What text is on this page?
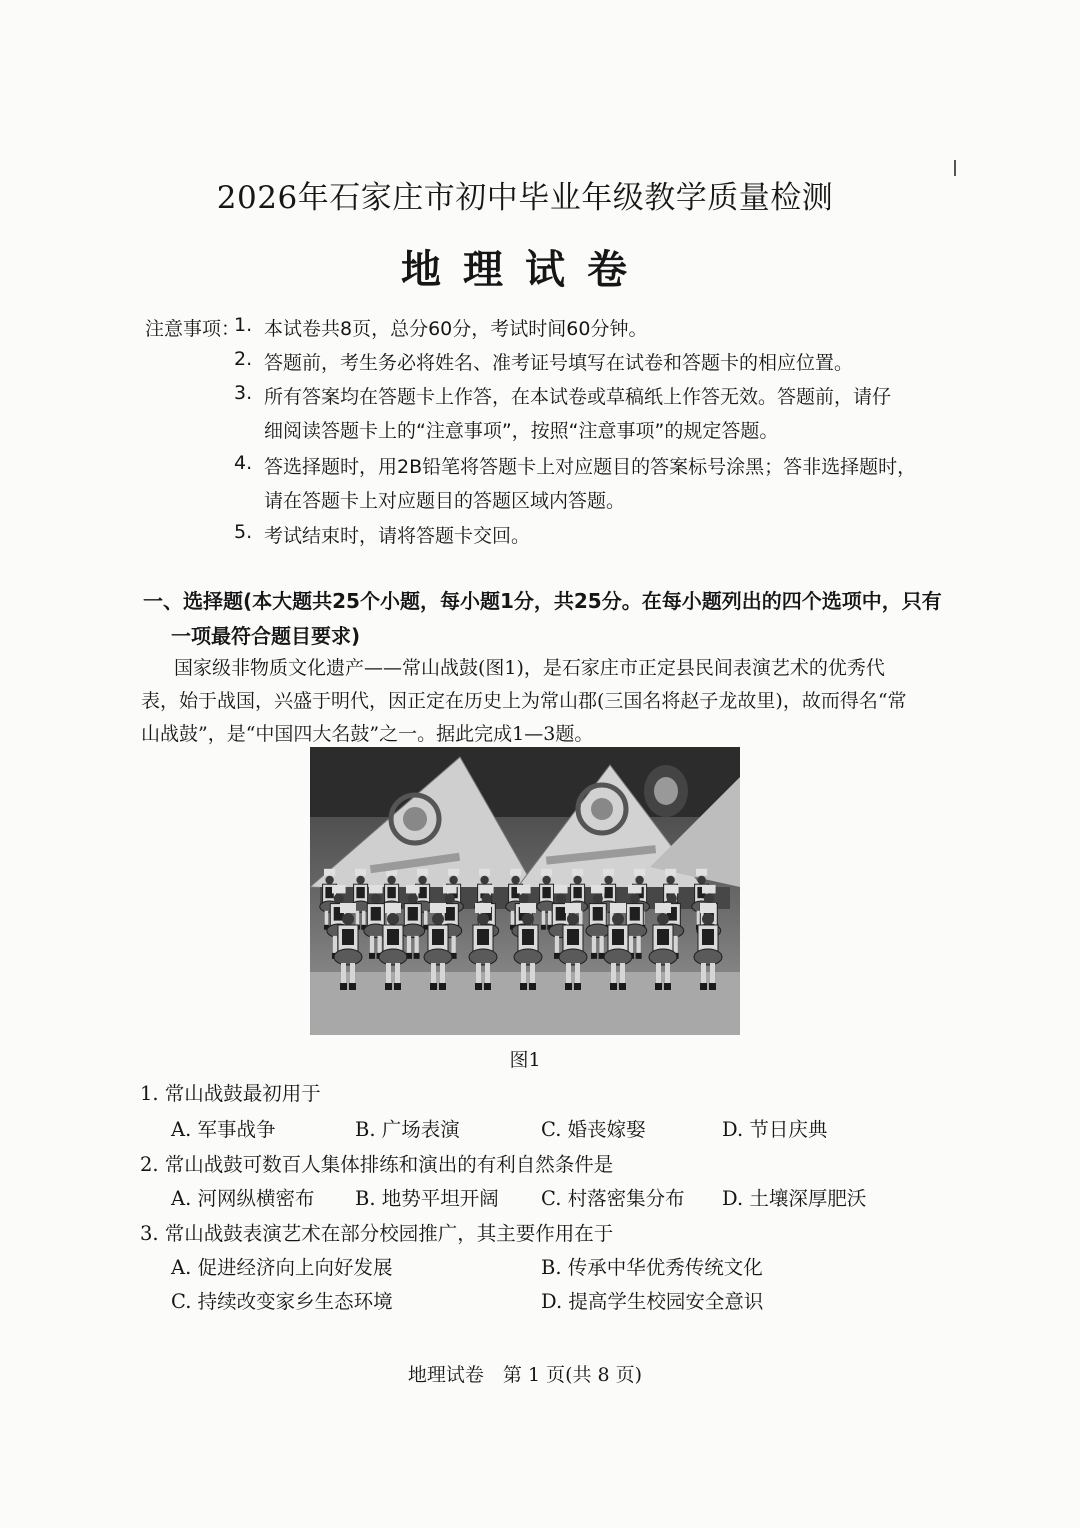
2026年石家庄市初中毕业年级教学质量检测
地理试卷
注意事项：
1. 本试卷共8页，总分60分，考试时间60分钟。
2. 答题前，考生务必将姓名、准考证号填写在试卷和答题卡的相应位置。
3. 所有答案均在答题卡上作答，在本试卷或草稿纸上作答无效。答题前，请仔
细阅读答题卡上的“注意事项”，按照“注意事项”的规定答题。
4. 答选择题时，用2B铅笔将答题卡上对应题目的答案标号涂黑；答非选择题时，
请在答题卡上对应题目的答题区域内答题。
5. 考试结束时，请将答题卡交回。
一、选择题(本大题共25个小题，每小题1分，共25分。在每小题列出的四个选项中，只有
一项最符合题目要求)
国家级非物质文化遗产——常山战鼓(图1)，是石家庄市正定县民间表演艺术的优秀代
表，始于战国，兴盛于明代，因正定在历史上为常山郡(三国名将赵子龙故里)，故而得名“常
山战鼓”，是“中国四大名鼓”之一。据此完成1—3题。
图1
1. 常山战鼓最初用于
A. 军事战争	B. 广场表演	C. 婚丧嫁娶	D. 节日庆典
2. 常山战鼓可数百人集体排练和演出的有利自然条件是
A. 河网纵横密布 B. 地势平坦开阔 C. 村落密集分布 D. 土壤深厚肥沃
3. 常山战鼓表演艺术在部分校园推广，其主要作用在于
A. 促进经济向上向好发展	B. 传承中华优秀传统文化
C. 持续改变家乡生态环境	D. 提高学生校园安全意识
地理试卷　第 1 页(共 8 页)
